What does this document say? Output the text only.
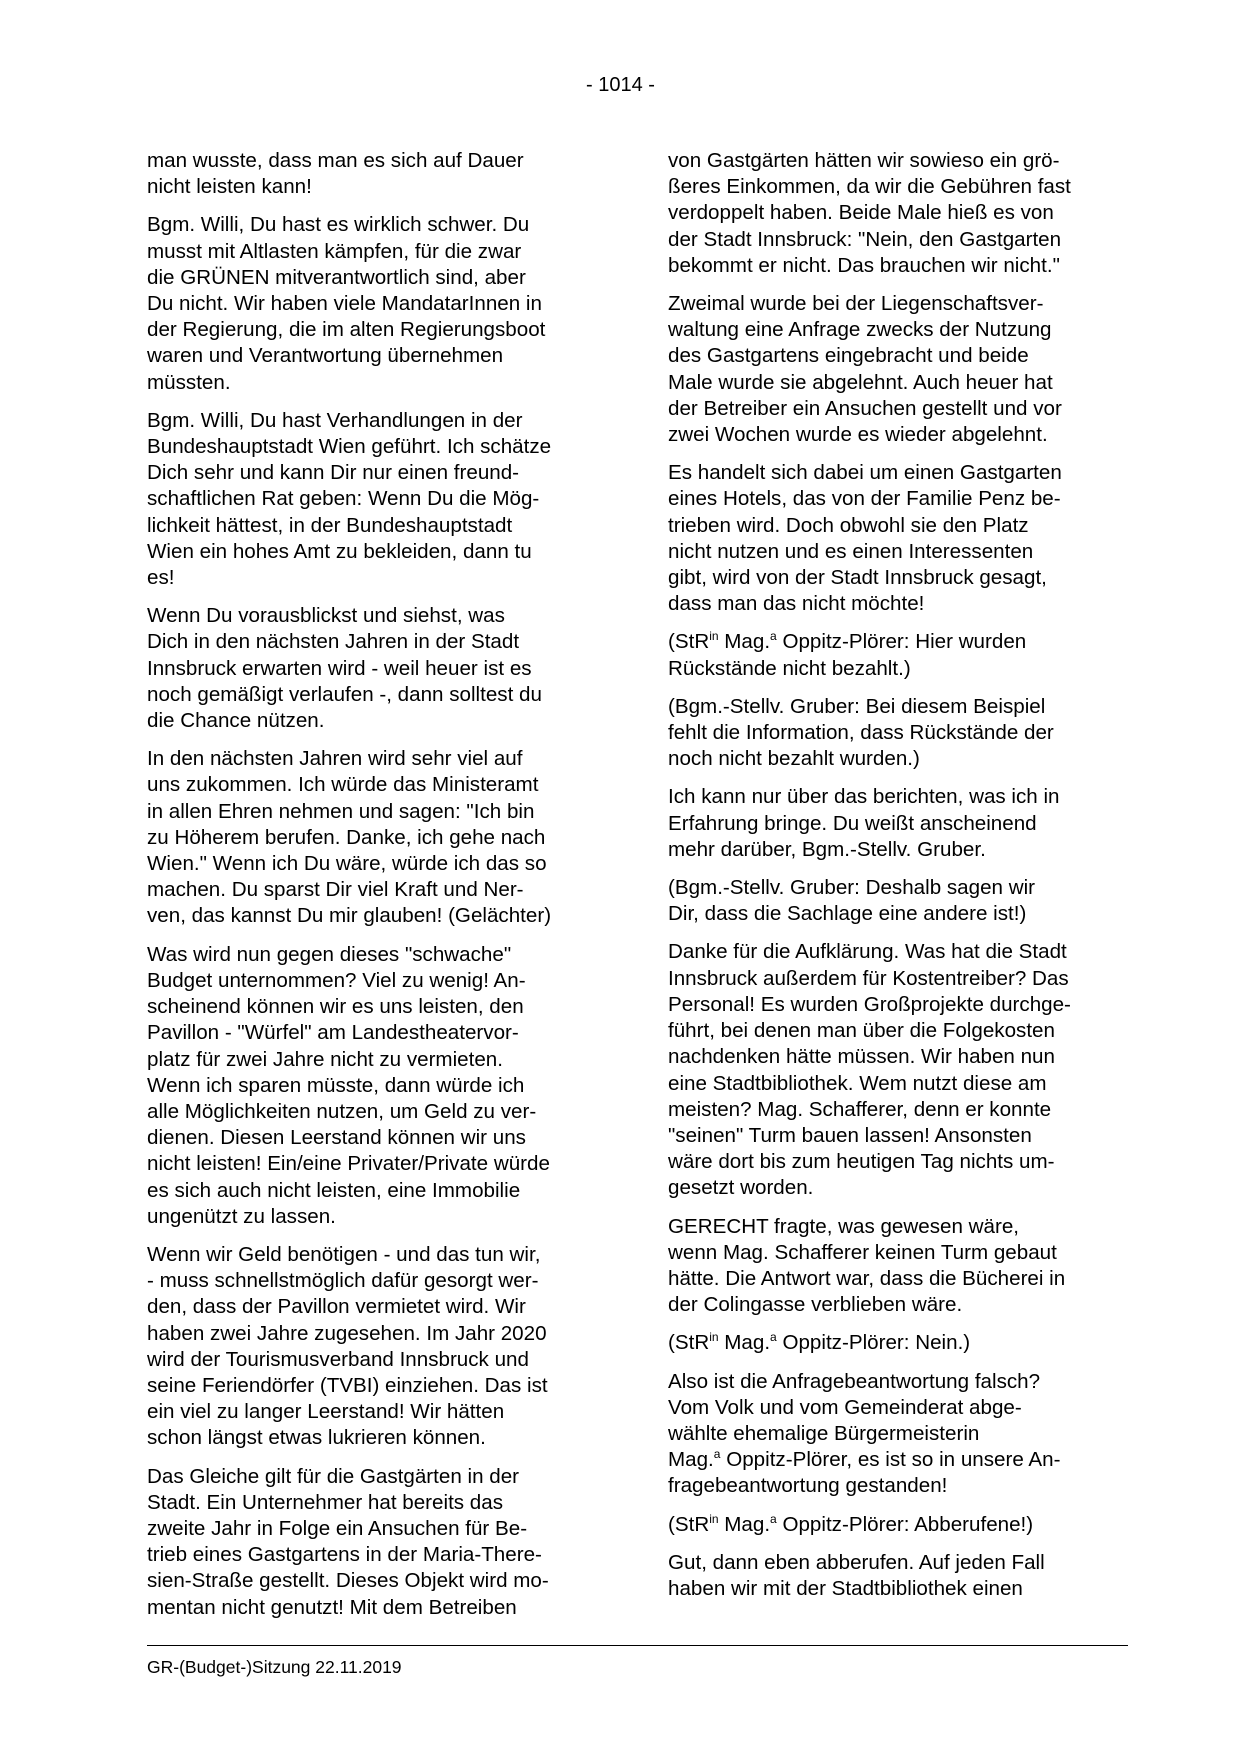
- 1014 -

man wusste, dass man es sich auf Dauer
nicht leisten kann!

Bgm. Willi, Du hast es wirklich schwer. Du
musst mit Altlasten kämpfen, für die zwar
die GRÜNEN mitverantwortlich sind, aber
Du nicht. Wir haben viele MandatarInnen in
der Regierung, die im alten Regierungsboot
waren und Verantwortung übernehmen
müssten.

Bgm. Willi, Du hast Verhandlungen in der
Bundeshauptstadt Wien geführt. Ich schätze
Dich sehr und kann Dir nur einen freund-
schaftlichen Rat geben: Wenn Du die Mög-
lichkeit hättest, in der Bundeshauptstadt
Wien ein hohes Amt zu bekleiden, dann tu
es!

Wenn Du vorausblickst und siehst, was
Dich in den nächsten Jahren in der Stadt
Innsbruck erwarten wird - weil heuer ist es
noch gemäßigt verlaufen -, dann solltest du
die Chance nützen.

In den nächsten Jahren wird sehr viel auf
uns zukommen. Ich würde das Ministeramt
in allen Ehren nehmen und sagen: "Ich bin
zu Höherem berufen. Danke, ich gehe nach
Wien." Wenn ich Du wäre, würde ich das so
machen. Du sparst Dir viel Kraft und Ner-
ven, das kannst Du mir glauben! (Gelächter)

Was wird nun gegen dieses "schwache"
Budget unternommen? Viel zu wenig! An-
scheinend können wir es uns leisten, den
Pavillon - "Würfel" am Landestheatervor-
platz für zwei Jahre nicht zu vermieten.
Wenn ich sparen müsste, dann würde ich
alle Möglichkeiten nutzen, um Geld zu ver-
dienen. Diesen Leerstand können wir uns
nicht leisten! Ein/eine Privater/Private würde
es sich auch nicht leisten, eine Immobilie
ungenützt zu lassen.

Wenn wir Geld benötigen - und das tun wir,
- muss schnellstmöglich dafür gesorgt wer-
den, dass der Pavillon vermietet wird. Wir
haben zwei Jahre zugesehen. Im Jahr 2020
wird der Tourismusverband Innsbruck und
seine Feriendörfer (TVBI) einziehen. Das ist
ein viel zu langer Leerstand! Wir hätten
schon längst etwas lukrieren können.

Das Gleiche gilt für die Gastgärten in der
Stadt. Ein Unternehmer hat bereits das
zweite Jahr in Folge ein Ansuchen für Be-
trieb eines Gastgartens in der Maria-There-
sien-Straße gestellt. Dieses Objekt wird mo-
mentan nicht genutzt! Mit dem Betreiben

von Gastgärten hätten wir sowieso ein grö-
ßeres Einkommen, da wir die Gebühren fast
verdoppelt haben. Beide Male hieß es von
der Stadt Innsbruck: "Nein, den Gastgarten
bekommt er nicht. Das brauchen wir nicht."

Zweimal wurde bei der Liegenschaftsver-
waltung eine Anfrage zwecks der Nutzung
des Gastgartens eingebracht und beide
Male wurde sie abgelehnt. Auch heuer hat
der Betreiber ein Ansuchen gestellt und vor
zwei Wochen wurde es wieder abgelehnt.

Es handelt sich dabei um einen Gastgarten
eines Hotels, das von der Familie Penz be-
trieben wird. Doch obwohl sie den Platz
nicht nutzen und es einen Interessenten
gibt, wird von der Stadt Innsbruck gesagt,
dass man das nicht möchte!

(StR$^{in}$ Mag.$^a$ Oppitz-Plörer: Hier wurden
Rückstände nicht bezahlt.)

(Bgm.-Stellv. Gruber: Bei diesem Beispiel
fehlt die Information, dass Rückstände der
noch nicht bezahlt wurden.)

Ich kann nur über das berichten, was ich in
Erfahrung bringe. Du weißt anscheinend
mehr darüber, Bgm.-Stellv. Gruber.

(Bgm.-Stellv. Gruber: Deshalb sagen wir
Dir, dass die Sachlage eine andere ist!)

Danke für die Aufklärung. Was hat die Stadt
Innsbruck außerdem für Kostentreiber? Das
Personal! Es wurden Großprojekte durchge-
führt, bei denen man über die Folgekosten
nachdenken hätte müssen. Wir haben nun
eine Stadtbibliothek. Wem nutzt diese am
meisten? Mag. Schafferer, denn er konnte
"seinen" Turm bauen lassen! Ansonsten
wäre dort bis zum heutigen Tag nichts um-
gesetzt worden.

GERECHT fragte, was gewesen wäre,
wenn Mag. Schafferer keinen Turm gebaut
hätte. Die Antwort war, dass die Bücherei in
der Colingasse verblieben wäre.

(StR$^{in}$ Mag.$^a$ Oppitz-Plörer: Nein.)

Also ist die Anfragebeantwortung falsch?
Vom Volk und vom Gemeinderat abge-
wählte ehemalige Bürgermeisterin
Mag.$^a$ Oppitz-Plörer, es ist so in unsere An-
fragebeantwortung gestanden!

(StR$^{in}$ Mag.$^a$ Oppitz-Plörer: Abberufene!)

Gut, dann eben abberufen. Auf jeden Fall
haben wir mit der Stadtbibliothek einen

GR-(Budget-)Sitzung 22.11.2019
